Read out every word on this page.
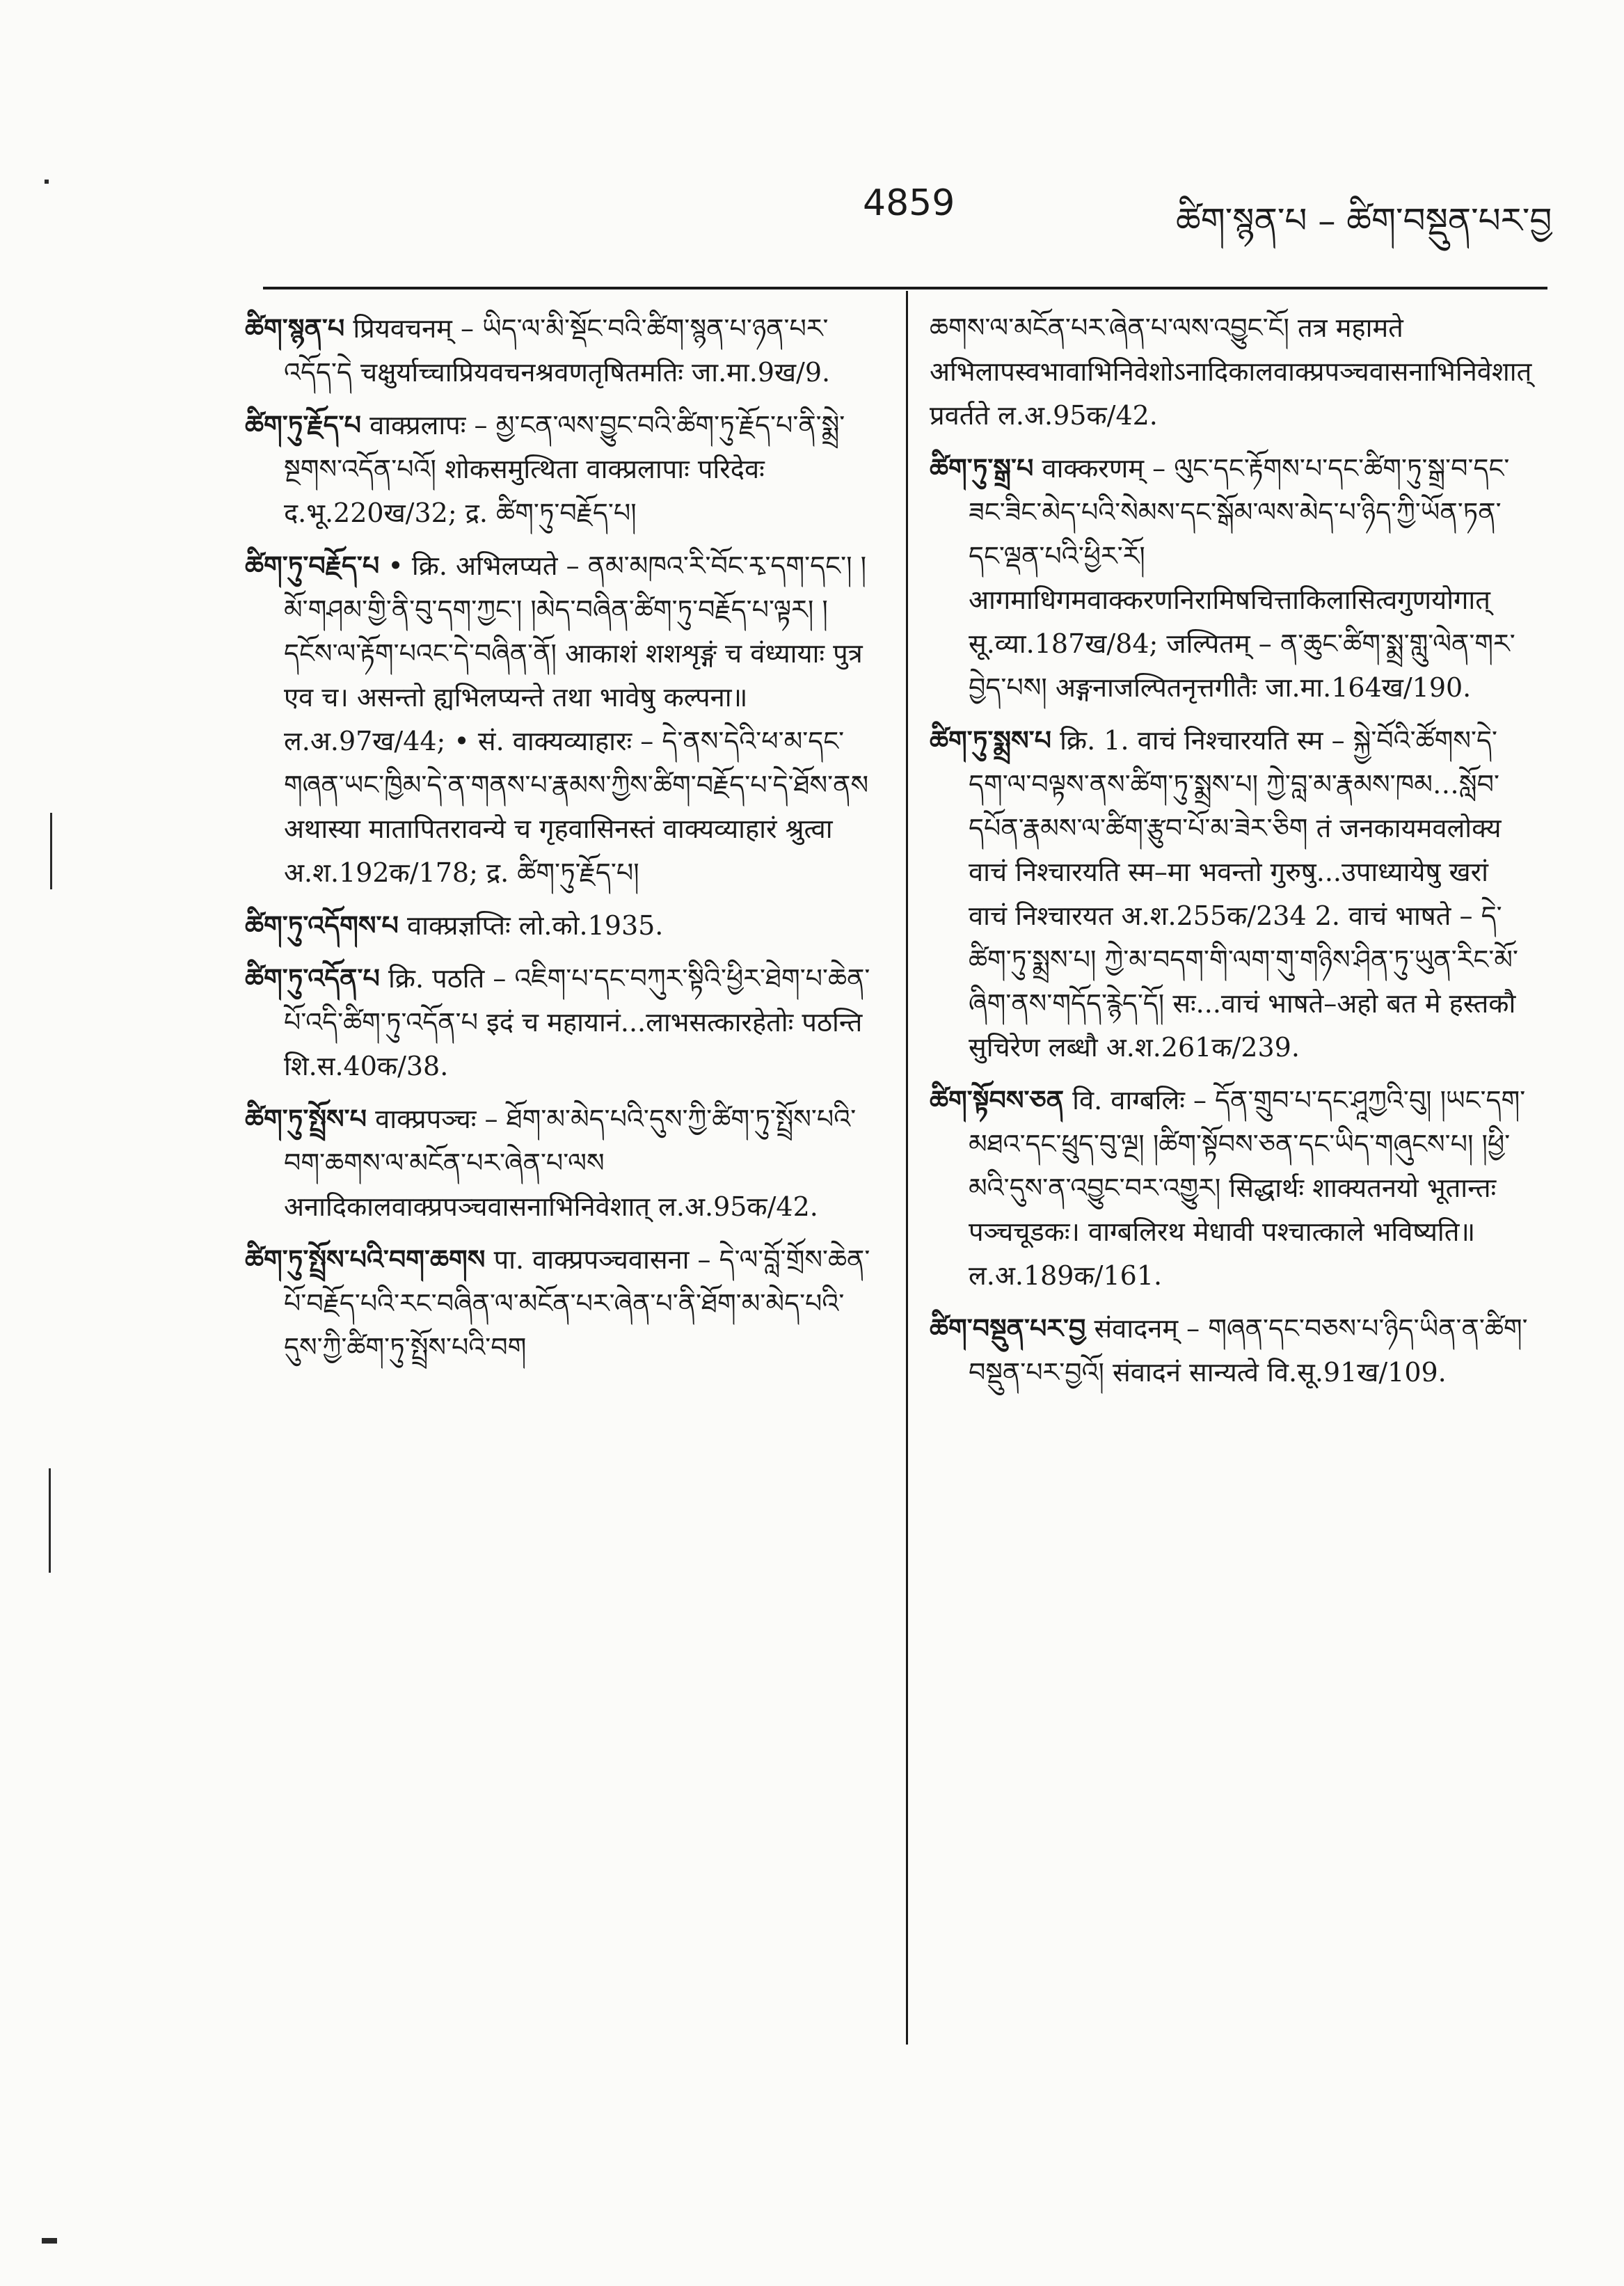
4859	ཚིག་སྙན་པ – ཚིག་བསྡུན་པར་བྱ

ཚིག་སྙན་པ प्रियवचनम् – ཡིད་ལ་མི་སྡོང་བའི་ཚིག་སྙན་པ་ཉན་པར་འདོད་དེ चक्षुर्याच्चाप्रियवचनश्रवणतृषितमतिः जा.मा.9ख/9.

ཚིག་ཏུ་རྗོད་པ वाक्प्रलापः – མྱ་ངན་ལས་བྱུང་བའི་ཚིག་ཏུ་རྗོད་པ་ནི་སྨྲེ་སྔགས་འདོན་པའོ། शोकसमुत्थिता वाक्प्रलापाः परिदेवः द.भू.220ख/32; द्र. ཚིག་ཏུ་བརྗོད་པ།

ཚིག་ཏུ་བརྗོད་པ • क्रि. अभिलप्यते – ནམ་མཁའ་རི་བོང་རྭ་དག་དང་། །མོ་གཤམ་གྱི་ནི་བུ་དག་ཀྱང་། །མེད་བཞིན་ཚིག་ཏུ་བརྗོད་པ་ལྟར། །དངོས་ལ་རྟོག་པའང་དེ་བཞིན་ནོ། आकाशं शशशृङ्गं च वंध्यायाः पुत्र एव च। असन्तो ह्यभिलप्यन्ते तथा भावेषु कल्पना॥ ल.अ.97ख/44; • सं. वाक्यव्याहारः – དེ་ནས་དེའི་ཕ་མ་དང་གཞན་ཡང་ཁྱིམ་དེ་ན་གནས་པ་རྣམས་ཀྱིས་ཚིག་བརྗོད་པ་དེ་ཐོས་ནས अथास्या मातापितरावन्ये च गृहवासिनस्तं वाक्यव्याहारं श्रुत्वा अ.श.192क/178; द्र. ཚིག་ཏུ་རྗོད་པ།

ཚིག་ཏུ་འདོགས་པ वाक्प्रज्ञप्तिः लो.को.1935.

ཚིག་ཏུ་འདོན་པ क्रि. पठति – འཇིག་པ་དང་བཀུར་སྟིའི་ཕྱིར་ཐེག་པ་ཆེན་པོ་འདི་ཚིག་ཏུ་འདོན་པ इदं च महायानं...लाभसत्कारहेतोः पठन्ति शि.स.40क/38.

ཚིག་ཏུ་སྤྲོས་པ वाक्प्रपञ्चः – ཐོག་མ་མེད་པའི་དུས་ཀྱི་ཚིག་ཏུ་སྤྲོས་པའི་བག་ཆགས་ལ་མངོན་པར་ཞེན་པ་ལས अनादिकालवाक्प्रपञ्चवासनाभिनिवेशात् ल.अ.95क/42.

ཚིག་ཏུ་སྤྲོས་པའི་བག་ཆགས पा. वाक्प्रपञ्चवासना – དེ་ལ་བློ་གྲོས་ཆེན་པོ་བརྗོད་པའི་རང་བཞིན་ལ་མངོན་པར་ཞེན་པ་ནི་ཐོག་མ་མེད་པའི་དུས་ཀྱི་ཚིག་ཏུ་སྤྲོས་པའི་བག

ཆགས་ལ་མངོན་པར་ཞེན་པ་ལས་འབྱུང་ངོ། तत्र महामते अभिलापस्वभावाभिनिवेशोऽनादिकालवाक्प्रपञ्चवासनाभिनिवेशात् प्रवर्तते ल.अ.95क/42.

ཚིག་ཏུ་སྒྲ་པ वाक्करणम् – ལུང་དང་རྟོགས་པ་དང་ཚིག་ཏུ་སྒྲ་བ་དང་ཟང་ཟིང་མེད་པའི་སེམས་དང་སྒོམ་ལས་མེད་པ་ཉིད་ཀྱི་ཡོན་ཏན་དང་ལྡན་པའི་ཕྱིར་རོ། आगमाधिगमवाक्करणनिरामिषचित्ताकिलासित्वगुणयोगात् सू.व्या.187ख/84; जल्पितम् – ན་ཆུང་ཚིག་སྨྲ་གླུ་ལེན་གར་བྱེད་པས། अङ्गनाजल्पितनृत्तगीतैः जा.मा.164ख/190.

ཚིག་ཏུ་སྨྲས་པ क्रि. 1. वाचं निश्चारयति स्म – སྐྱེ་བོའི་ཚོགས་དེ་དག་ལ་བལྟས་ནས་ཚིག་ཏུ་སྨྲས་པ། ཀྱེ་བླ་མ་རྣམས་ཁམ…སློབ་དཔོན་རྣམས་ལ་ཚིག་རྩུབ་པོ་མ་ཟེར་ཅིག तं जनकायमवलोक्य वाचं निश्चारयति स्म–मा भवन्तो गुरुषु...उपाध्यायेषु खरां वाचं निश्चारयत अ.श.255क/234 2. वाचं भाषते – དེ་ཚིག་ཏུ་སྨྲས་པ། ཀྱེ་མ་བདག་གི་ལག་གུ་གཉིས་ཤིན་ཏུ་ཡུན་རིང་མོ་ཞིག་ནས་གདོད་རྙེད་དོ། सः...वाचं भाषते–अहो बत मे हस्तकौ सुचिरेण लब्धौ अ.श.261क/239.

ཚིག་སྟོབས་ཅན वि. वाग्बलिः – དོན་གྲུབ་པ་དང་ཤཱཀྱའི་བུ། །ཡང་དག་མཐའ་དང་ཕྲུད་བུ་ལྔ། །ཚིག་སྟོབས་ཅན་དང་ཡིད་གཞུངས་པ། །ཕྱི་མའི་དུས་ན་འབྱུང་བར་འགྱུར། सिद्धार्थः शाक्यतनयो भूतान्तः पञ्चचूडकः। वाग्बलिरथ मेधावी पश्चात्काले भविष्यति॥ ल.अ.189क/161.

ཚིག་བསྡུན་པར་བྱ संवादनम् – གཞན་དང་བཅས་པ་ཉིད་ཡིན་ན་ཚིག་བསྡུན་པར་བྱའོ། संवादनं सान्यत्वे वि.सू.91ख/109.
